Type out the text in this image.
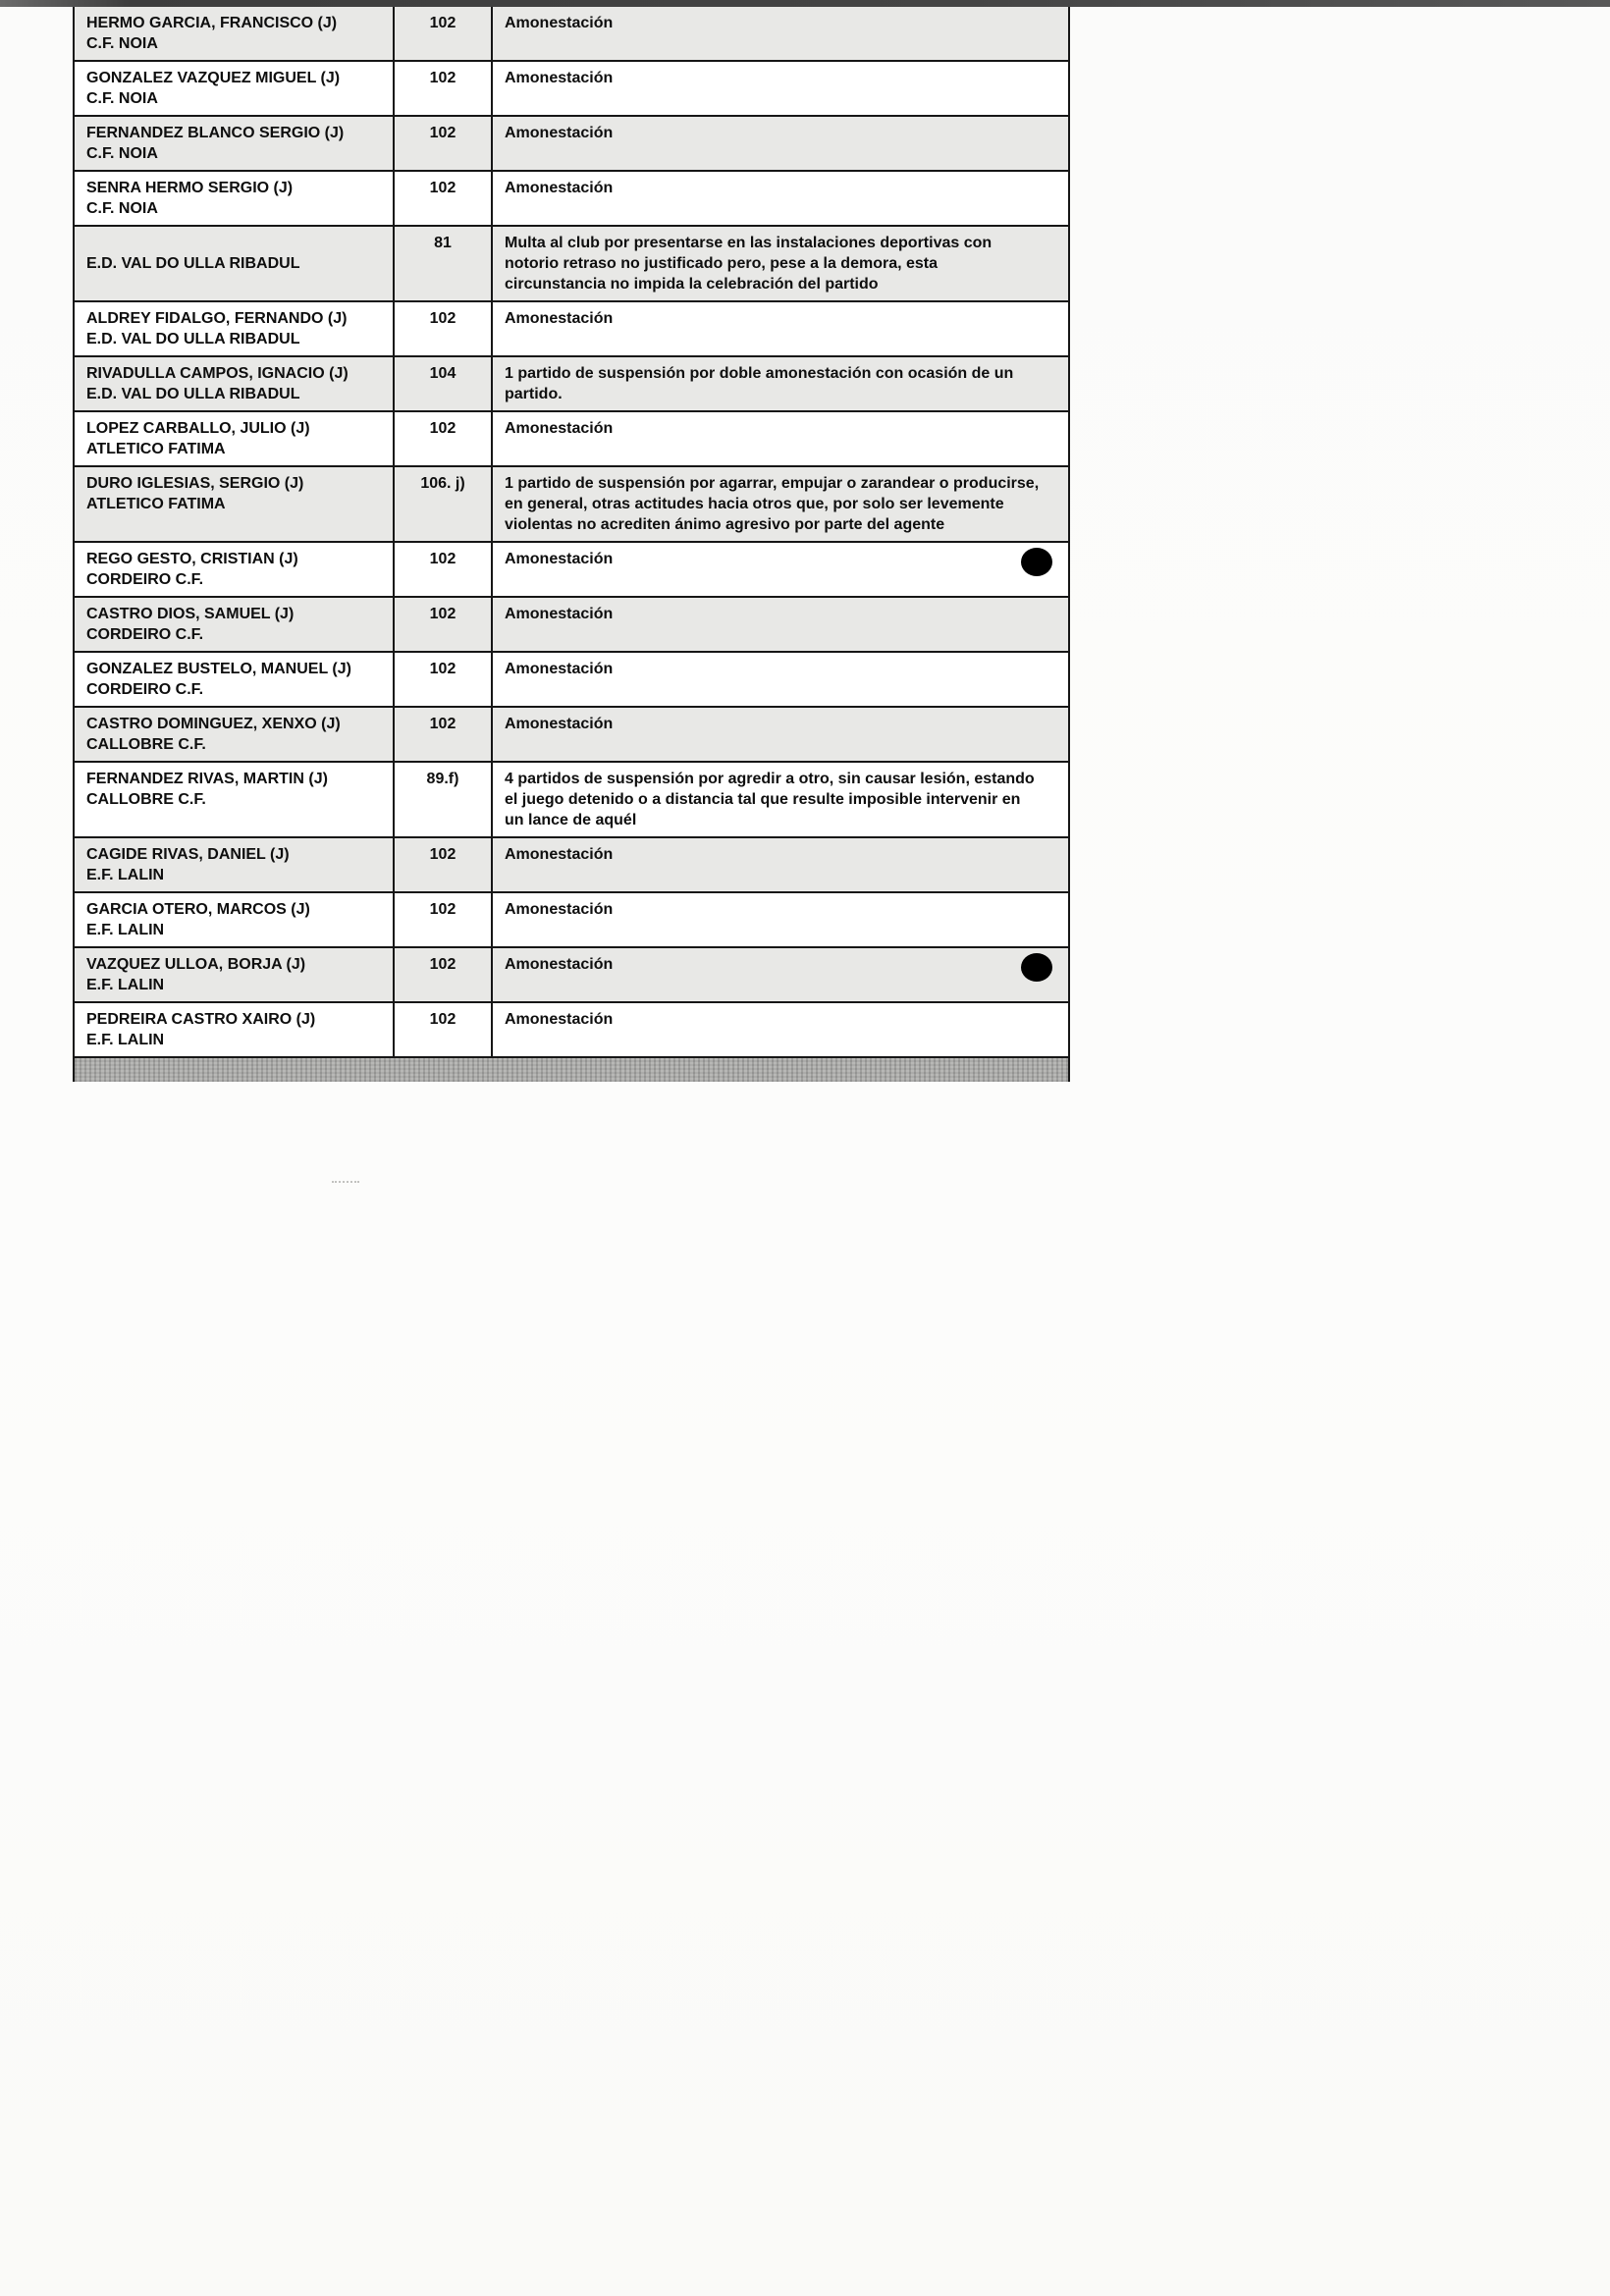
HERMO GARCIA, FRANCISCO (J)
C.F. NOIA
102	Amonestación
GONZALEZ VAZQUEZ MIGUEL (J)
C.F. NOIA
102	Amonestación
FERNANDEZ BLANCO SERGIO (J)
C.F. NOIA
102	Amonestación
SENRA HERMO SERGIO (J)
C.F. NOIA
102	Amonestación
E.D. VAL DO ULLA RIBADUL
81	Multa al club por presentarse en las instalaciones deportivas con notorio retraso no justificado pero, pese a la demora, esta circunstancia no impida la celebración del partido
ALDREY FIDALGO, FERNANDO (J)
E.D. VAL DO ULLA RIBADUL
102	Amonestación
RIVADULLA CAMPOS, IGNACIO (J)
E.D. VAL DO ULLA RIBADUL
104	1 partido de suspensión por doble amonestación con ocasión de un partido.
LOPEZ CARBALLO, JULIO (J)
ATLETICO FATIMA
102	Amonestación
DURO IGLESIAS, SERGIO (J)
ATLETICO FATIMA
106. j)	1 partido de suspensión por agarrar, empujar o zarandear o producirse, en general, otras actitudes hacia otros que, por solo ser levemente violentas no acrediten ánimo agresivo por parte del agente
REGO GESTO, CRISTIAN (J)
CORDEIRO C.F.
102	Amonestación
CASTRO DIOS, SAMUEL (J)
CORDEIRO C.F.
102	Amonestación
GONZALEZ BUSTELO, MANUEL (J)
CORDEIRO C.F.
102	Amonestación
CASTRO DOMINGUEZ, XENXO (J)
CALLOBRE C.F.
102	Amonestación
FERNANDEZ RIVAS, MARTIN (J)
CALLOBRE C.F.
89.f)	4 partidos de suspensión por agredir a otro, sin causar lesión, estando el juego detenido o a distancia tal que resulte imposible intervenir en un lance de aquél
CAGIDE RIVAS, DANIEL (J)
E.F. LALIN
102	Amonestación
GARCIA OTERO, MARCOS (J)
E.F. LALIN
102	Amonestación
VAZQUEZ ULLOA, BORJA (J)
E.F. LALIN
102	Amonestación
PEDREIRA CASTRO XAIRO (J)
E.F. LALIN
102	Amonestación
